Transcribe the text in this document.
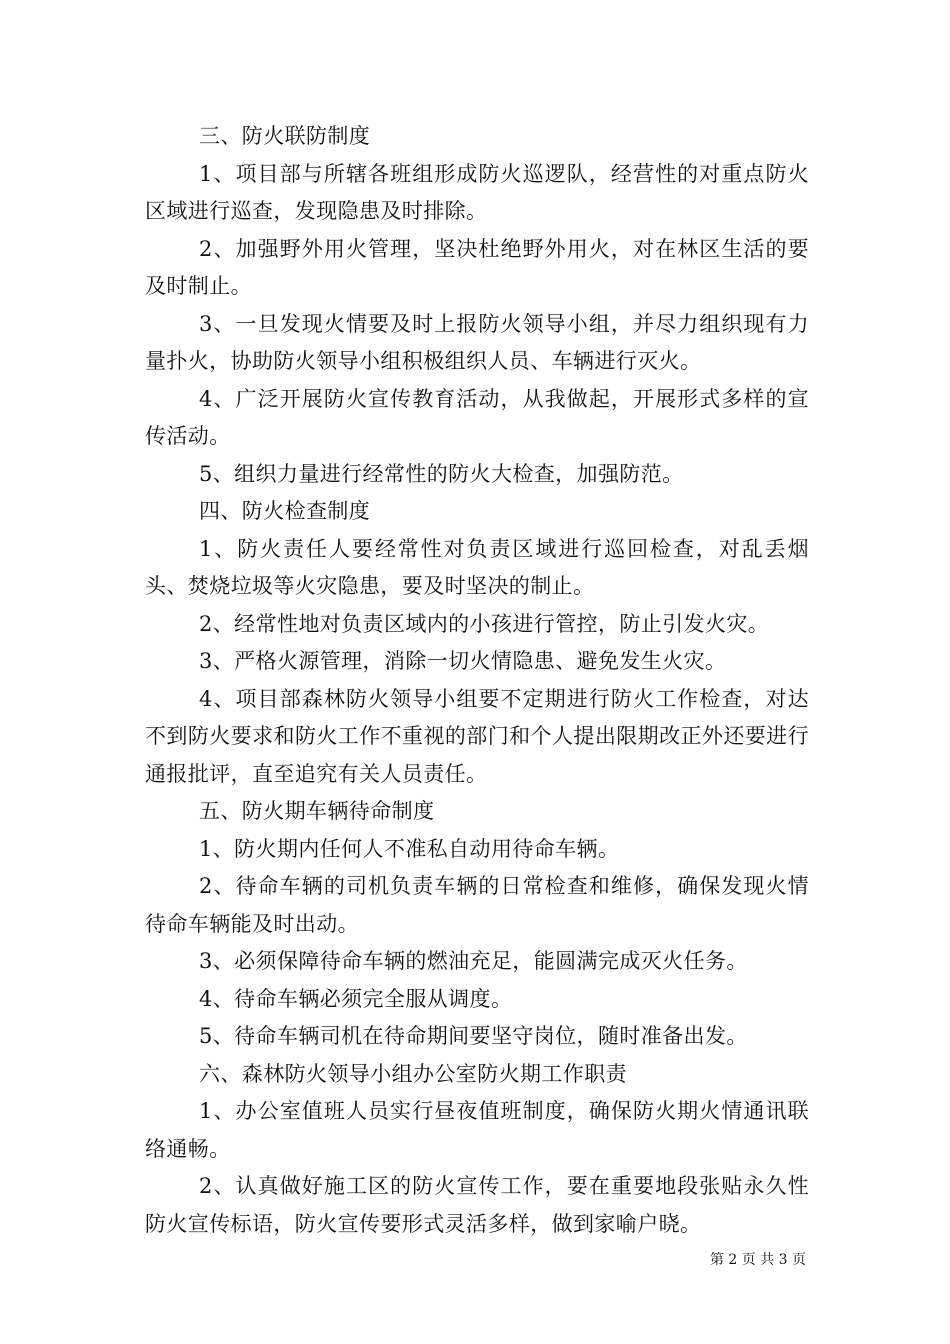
三、防火联防制度

1、项目部与所辖各班组形成防火巡逻队，经营性的对重点防火区域进行巡查，发现隐患及时排除。

2、加强野外用火管理，坚决杜绝野外用火，对在林区生活的要及时制止。

3、一旦发现火情要及时上报防火领导小组，并尽力组织现有力量扑火，协助防火领导小组积极组织人员、车辆进行灭火。

4、广泛开展防火宣传教育活动，从我做起，开展形式多样的宣传活动。

5、组织力量进行经常性的防火大检查，加强防范。

四、防火检查制度

1、防火责任人要经常性对负责区域进行巡回检查，对乱丢烟头、焚烧垃圾等火灾隐患，要及时坚决的制止。

2、经常性地对负责区域内的小孩进行管控，防止引发火灾。

3、严格火源管理，消除一切火情隐患、避免发生火灾。

4、项目部森林防火领导小组要不定期进行防火工作检查，对达不到防火要求和防火工作不重视的部门和个人提出限期改正外还要进行通报批评，直至追究有关人员责任。

五、防火期车辆待命制度

1、防火期内任何人不准私自动用待命车辆。

2、待命车辆的司机负责车辆的日常检查和维修，确保发现火情待命车辆能及时出动。

3、必须保障待命车辆的燃油充足，能圆满完成灭火任务。

4、待命车辆必须完全服从调度。

5、待命车辆司机在待命期间要坚守岗位，随时准备出发。

六、森林防火领导小组办公室防火期工作职责

1、办公室值班人员实行昼夜值班制度，确保防火期火情通讯联络通畅。

2、认真做好施工区的防火宣传工作，要在重要地段张贴永久性防火宣传标语，防火宣传要形式灵活多样，做到家喻户晓。

第 2 页 共 3 页
